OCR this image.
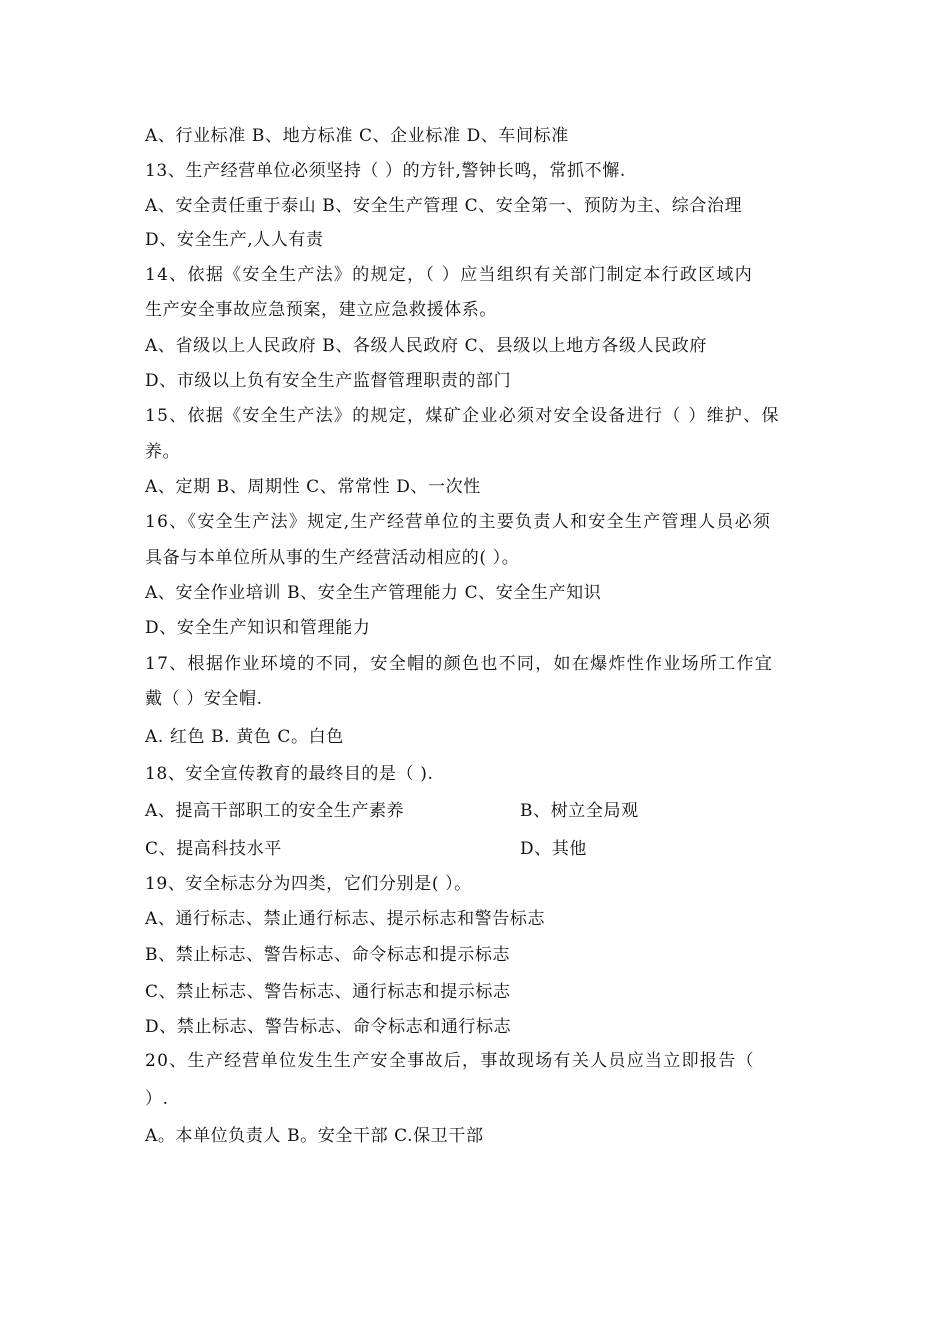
A、行业标准 B、地方标准 C、企业标准 D、车间标准
13、生产经营单位必须坚持（ ）的方针,警钟长鸣，常抓不懈.
A、安全责任重于泰山 B、安全生产管理 C、安全第一、预防为主、综合治理
D、安全生产,人人有责
14、依据《安全生产法》的规定，（ ）应当组织有关部门制定本行政区域内
生产安全事故应急预案，建立应急救援体系。
A、省级以上人民政府 B、各级人民政府 C、县级以上地方各级人民政府
D、市级以上负有安全生产监督管理职责的部门
15、依据《安全生产法》的规定，煤矿企业必须对安全设备进行（ ）维护、保
养。
A、定期 B、周期性 C、常常性 D、一次性
16、《安全生产法》规定,生产经营单位的主要负责人和安全生产管理人员必须
具备与本单位所从事的生产经营活动相应的( ）。
A、安全作业培训 B、安全生产管理能力 C、安全生产知识
D、安全生产知识和管理能力
17、根据作业环境的不同，安全帽的颜色也不同，如在爆炸性作业场所工作宜
戴（ ）安全帽.
A. 红色 B. 黄色 C。白色
18、安全宣传教育的最终目的是（ ).
A、提高干部职工的安全生产素养	B、树立全局观
C、提高科技水平	D、其他
19、安全标志分为四类，它们分别是( ）。
A、通行标志、禁止通行标志、提示标志和警告标志
B、禁止标志、警告标志、命令标志和提示标志
C、禁止标志、警告标志、通行标志和提示标志
D、禁止标志、警告标志、命令标志和通行标志
20、生产经营单位发生生产安全事故后，事故现场有关人员应当立即报告（
）.
A。本单位负责人 B。安全干部 C.保卫干部
